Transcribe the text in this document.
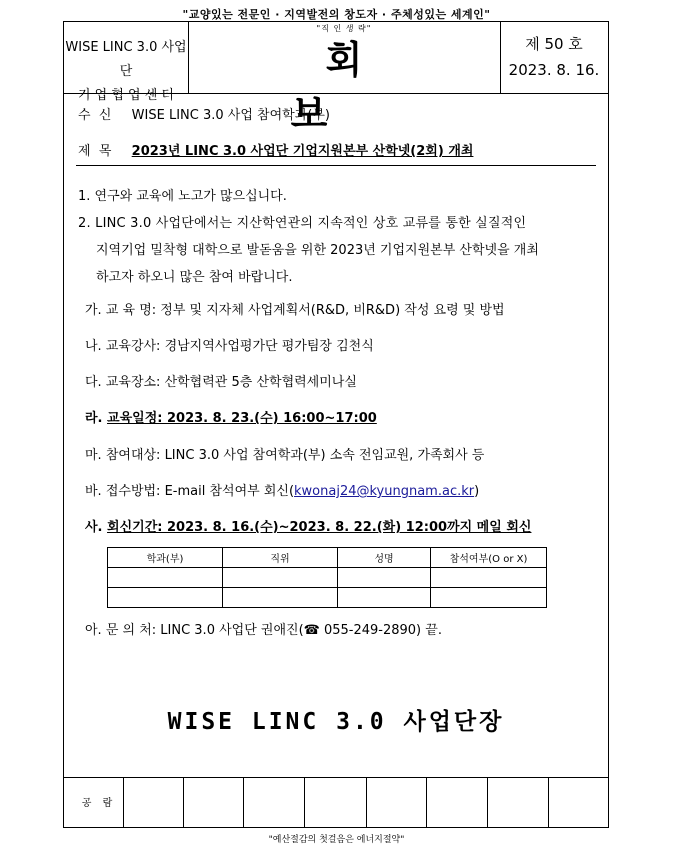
"교양있는 전문인 · 지역발전의 창도자 · 주체성있는 세계인"
WISE LINC 3.0 사업단
기 업 협 업 센 터
"직 인 생 략"
회 보
제 50 호
2023. 8. 16.
수  신 WISE LINC 3.0 사업 참여학과(부)
제  목 2023년 LINC 3.0 사업단 기업지원본부 산학넷(2회) 개최
1. 연구와 교육에 노고가 많으십니다.
2. LINC 3.0 사업단에서는 지산학연관의 지속적인 상호 교류를 통한 실질적인
지역기업 밀착형 대학으로 발돋움을 위한 2023년 기업지원본부 산학넷을 개최
하고자 하오니 많은 참여 바랍니다.
가. 교 육 명: 정부 및 지자체 사업계획서(R&D, 비R&D) 작성 요령 및 방법
나. 교육강사: 경남지역사업평가단 평가팀장 김천식
다. 교육장소: 산학협력관 5층 산학협력세미나실
라. 교육일정: 2023. 8. 23.(수) 16:00~17:00
마. 참여대상: LINC 3.0 사업 참여학과(부) 소속 전임교원, 가족회사 등
바. 접수방법: E-mail 참석여부 회신(kwonaj24@kyungnam.ac.kr)
사. 회신기간: 2023. 8. 16.(수)~2023. 8. 22.(화) 12:00까지 메일 회신
학과(부)	직위	성명	참석여부(O or X)

아. 문 의 처: LINC 3.0 사업단 권애진(☎ 055-249-2890) 끝.
WISE LINC 3.0 사업단장
공 람
"예산절감의 첫걸음은 에너지절약"
